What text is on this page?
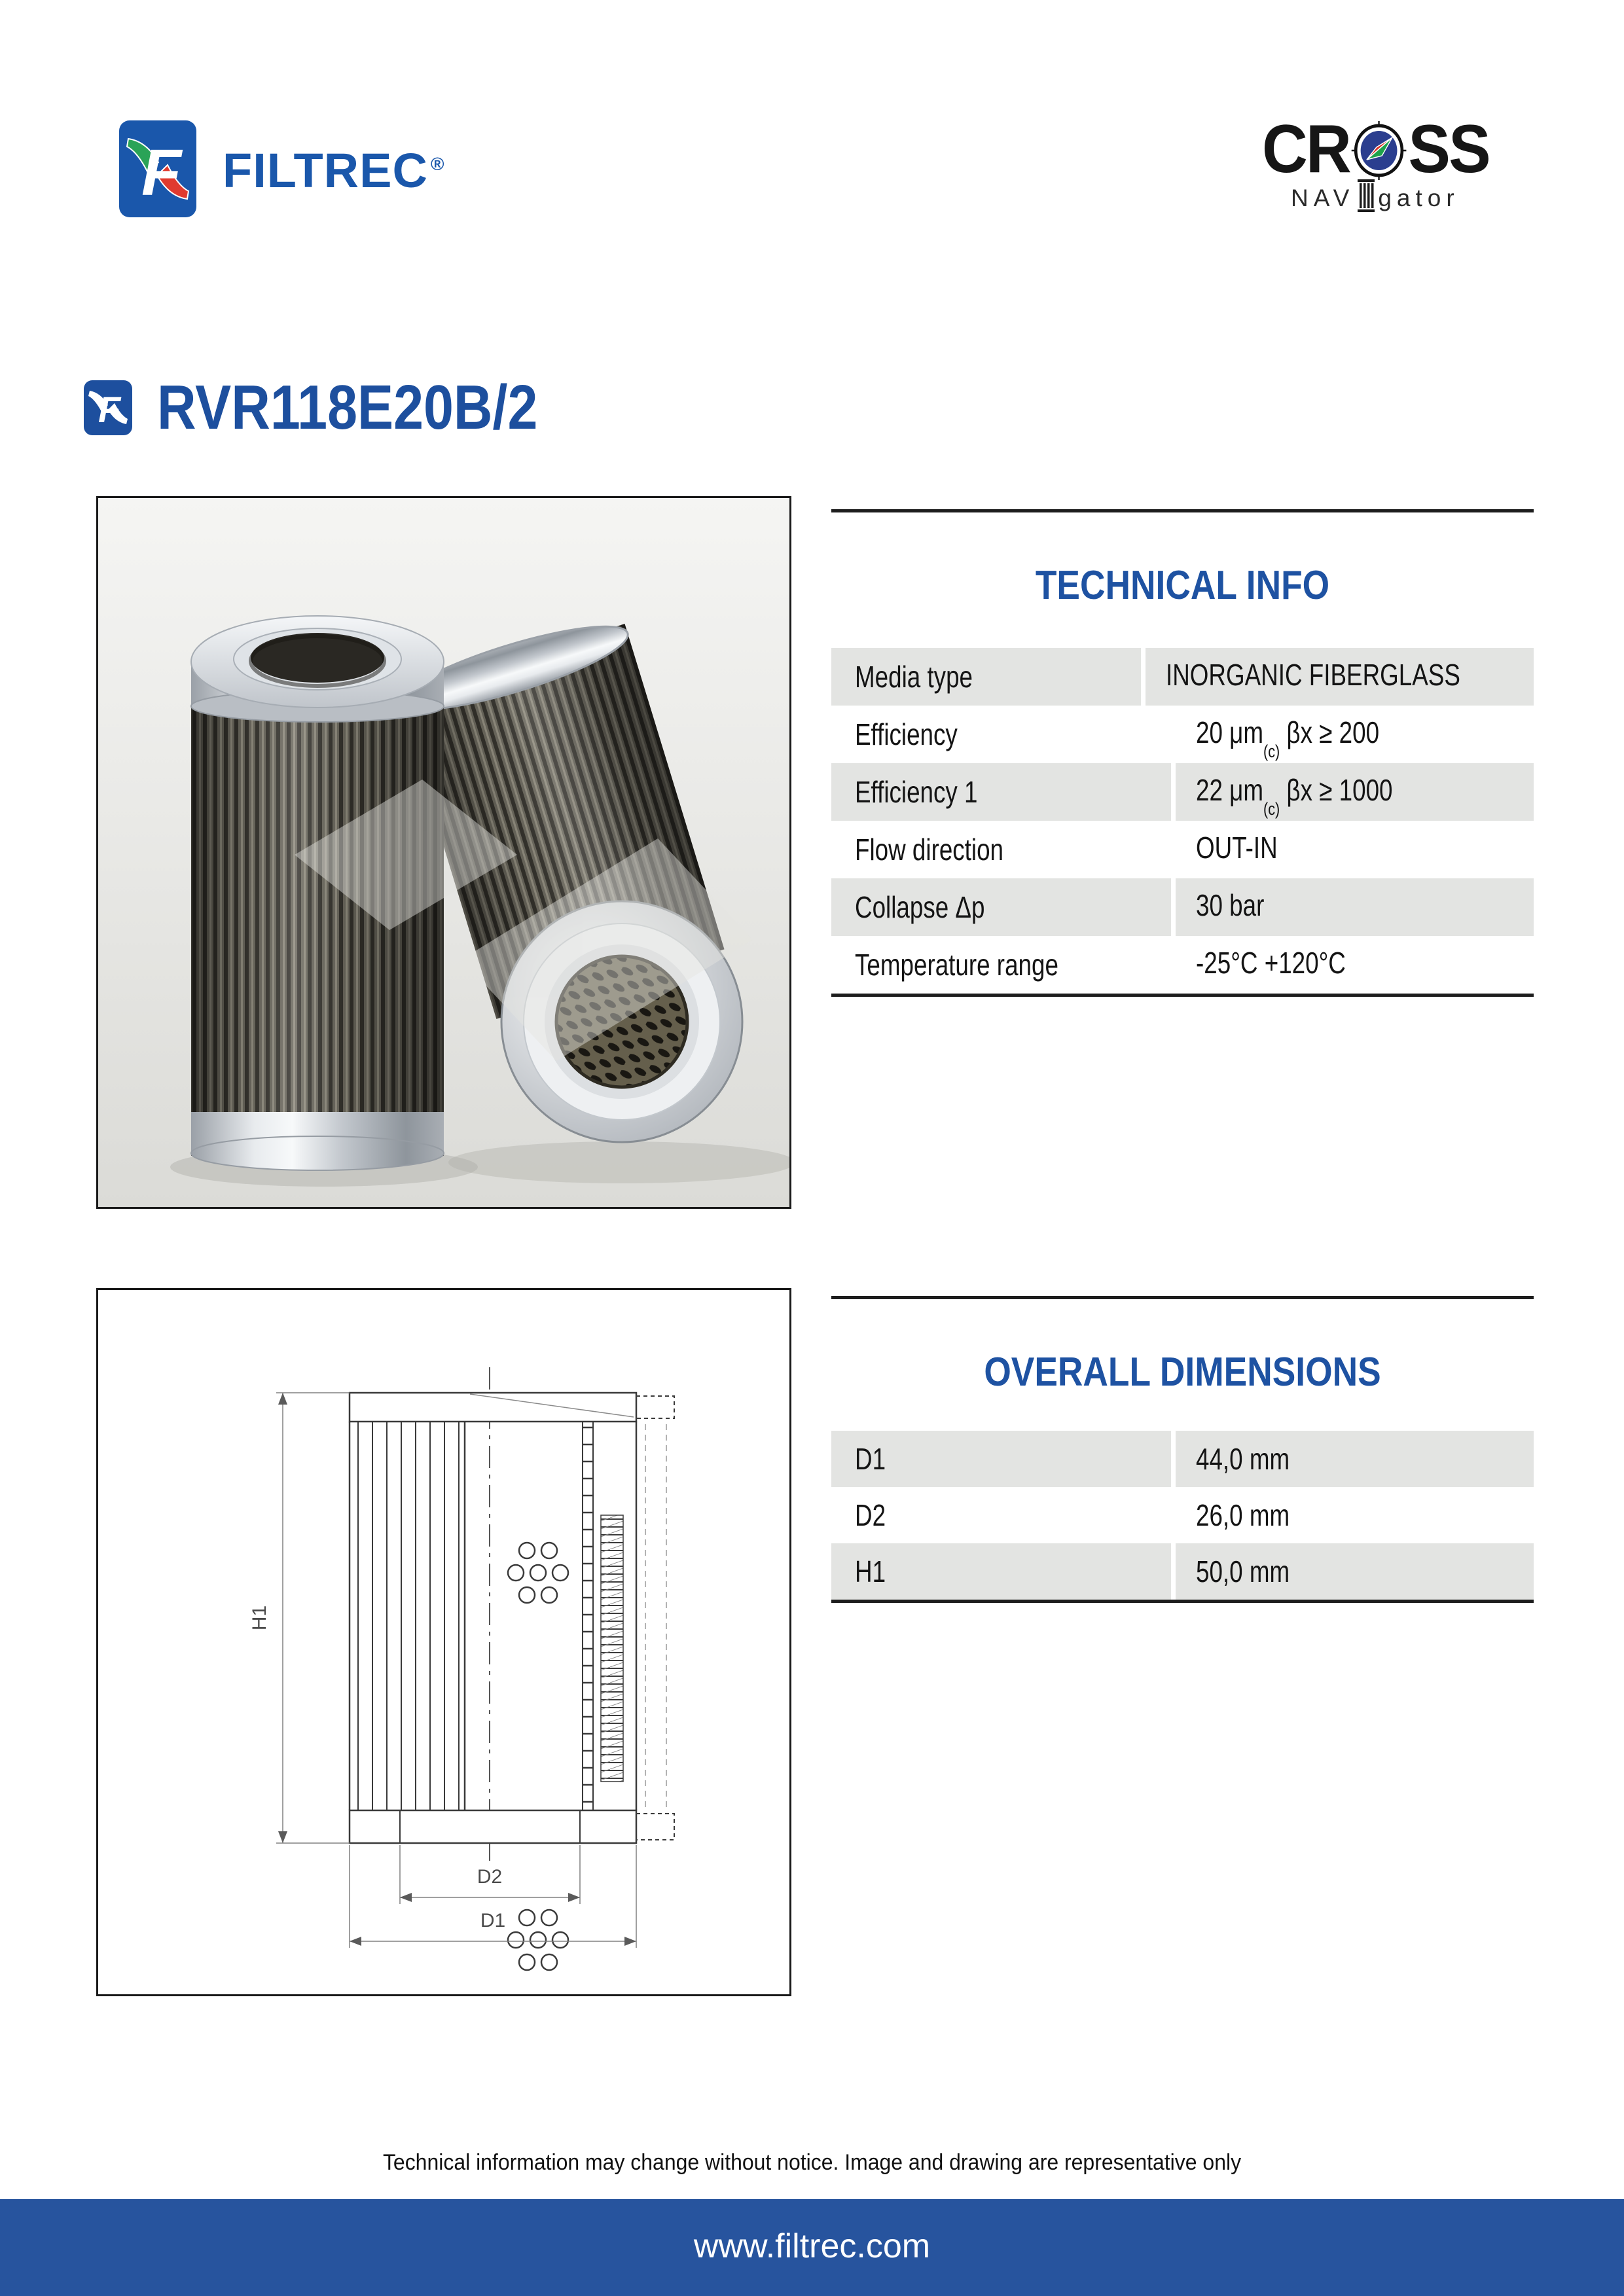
F FILTREC ®	CR SS
NAV gator
F RVR118E20B/2
TECHNICAL INFO
Media type	INORGANIC FIBERGLASS
Efficiency	20 $\mu m_{(c)}$ βx ≥ 200
Efficiency 1	22 $\mu m_{(c)}$ βx ≥ 1000
Flow direction	OUT-IN
Collapse Δp	30 bar
Temperature range	-25°C +120°C
H1
D2
D1
OVERALL DIMENSIONS
D1	44,0 mm
D2	26,0 mm
H1	50,0 mm
Technical information may change without notice. Image and drawing are representative only
www.filtrec.com
